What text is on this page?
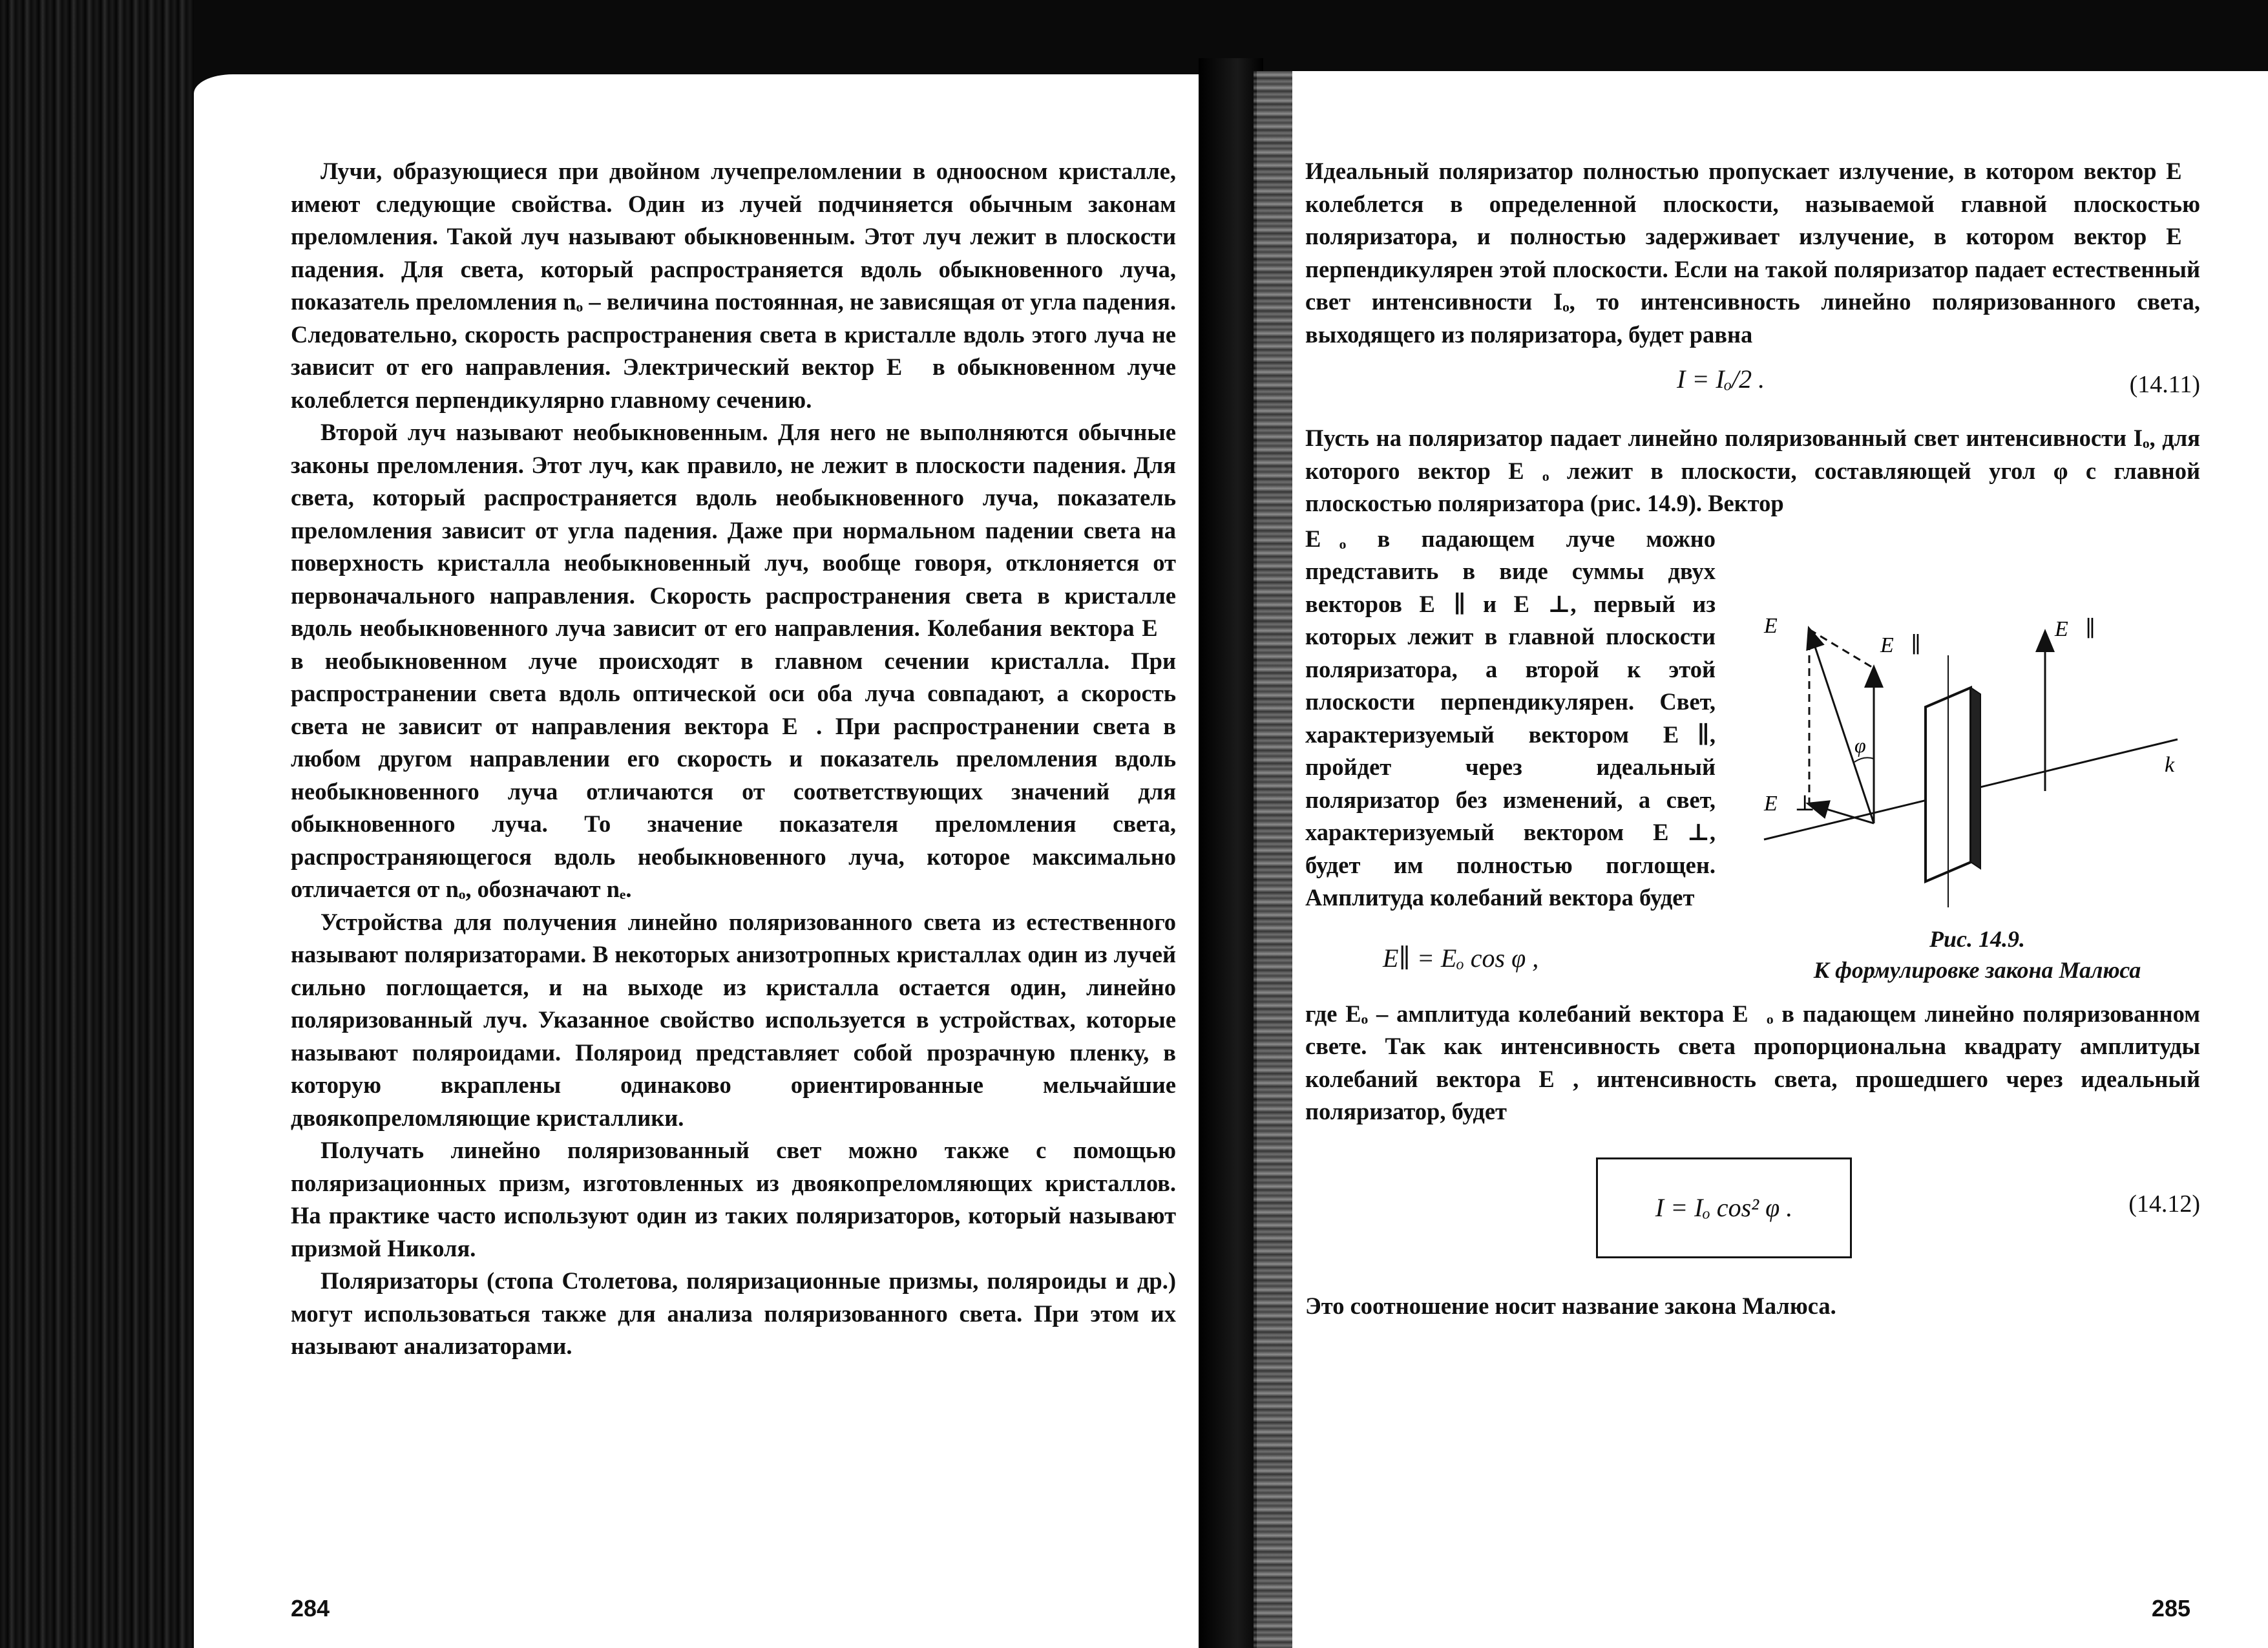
Лучи, образующиеся при двойном лучепреломлении в одноосном кристалле, имеют следующие свойства. Один из лучей подчиняется обычным законам преломления. Такой луч называют обыкновенным. Этот луч лежит в плоскости падения. Для света, который распространяется вдоль обыкновенного луча, показатель преломления nₒ – величина постоянная, не зависящая от угла падения. Следовательно, скорость распространения света в кристалле вдоль этого луча не зависит от его направления. Электрический вектор E⃗ в обыкновенном луче колеблется перпендикулярно главному сечению.

Второй луч называют необыкновенным. Для него не выполняются обычные законы преломления. Этот луч, как правило, не лежит в плоскости падения. Для света, который распространяется вдоль необыкновенного луча, показатель преломления зависит от угла падения. Даже при нормальном падении света на поверхность кристалла необыкновенный луч, вообще говоря, отклоняется от первоначального направления. Скорость распространения света в кристалле вдоль необыкновенного луча зависит от его направления. Колебания вектора E⃗ в необыкновенном луче происходят в главном сечении кристалла. При распространении света вдоль оптической оси оба луча совпадают, а скорость света не зависит от направления вектора E⃗. При распространении света в любом другом направлении его скорость и показатель преломления вдоль необыкновенного луча отличаются от соответствующих значений для обыкновенного луча. То значение показателя преломления света, распространяющегося вдоль необыкновенного луча, которое максимально отличается от nₒ, обозначают nₑ.

Устройства для получения линейно поляризованного света из естественного называют поляризаторами. В некоторых анизотропных кристаллах один из лучей сильно поглощается, и на выходе из кристалла остается один, линейно поляризованный луч. Указанное свойство используется в устройствах, которые называют поляроидами. Поляроид представляет собой прозрачную пленку, в которую вкраплены одинаково ориентированные мельчайшие двоякопреломляющие кристаллики.

Получать линейно поляризованный свет можно также с помощью поляризационных призм, изготовленных из двоякопреломляющих кристаллов. На практике часто используют один из таких поляризаторов, который называют призмой Николя.

Поляризаторы (стопа Столетова, поляризационные призмы, поляроиды и др.) могут использоваться также для анализа поляризованного света. При этом их называют анализаторами.

284

Идеальный поляризатор полностью пропускает излучение, в котором вектор E⃗ колеблется в определенной плоскости, называемой главной плоскостью поляризатора, и полностью задерживает излучение, в котором вектор E⃗ перпендикулярен этой плоскости. Если на такой поляризатор падает естественный свет интенсивности Iₒ, то интенсивность линейно поляризованного света, выходящего из поляризатора, будет равна

I = Iₒ/2 .	(14.11)

Пусть на поляризатор падает линейно поляризованный свет интенсивности Iₒ, для которого вектор E⃗ₒ лежит в плоскости, составляющей угол φ с главной плоскостью поляризатора (рис. 14.9). Вектор

E⃗ₒ в падающем луче можно представить в виде суммы двух векторов E⃗∥ и E⃗⊥, первый из которых лежит в главной плоскости поляризатора, а второй к этой плоскости перпендикулярен. Свет, характеризуемый вектором E⃗∥, пройдет через идеальный поляризатор без изменений, а свет, характеризуемый вектором E⃗⊥, будет им полностью поглощен. Амплитуда колебаний вектора будет

E⃗
E⃗∥
φ
E⃗⊥
E⃗∥
k⃗
Рис. 14.9.
К формулировке закона Малюса
E∥ = Eₒ cos φ ,

где Eₒ – амплитуда колебаний вектора E⃗ₒ в падающем линейно поляризованном свете. Так как интенсивность света пропорциональна квадрату амплитуды колебаний вектора E⃗, интенсивность света, прошедшего через идеальный поляризатор, будет

I = Iₒ cos² φ .	(14.12)

Это соотношение носит название закона Малюса.

285
